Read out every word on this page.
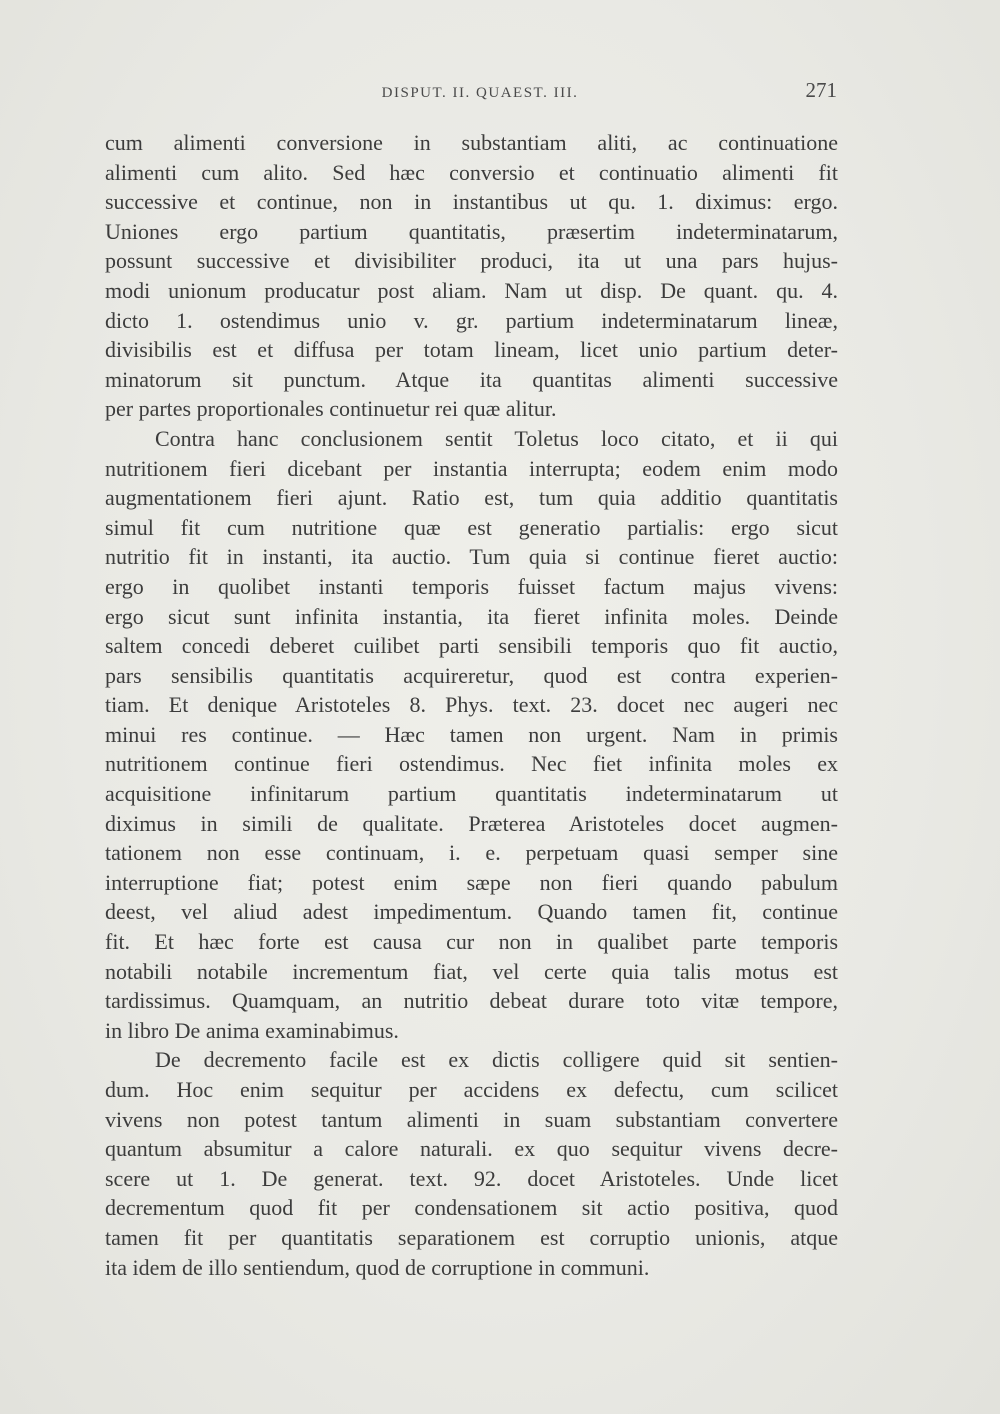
DISPUT. II. QUAEST. III.	271
cum alimenti conversione in substantiam aliti, ac continuatione
alimenti cum alito. Sed hæc conversio et continuatio alimenti fit
successive et continue, non in instantibus ut qu. 1. diximus: ergo.
Uniones ergo partium quantitatis, præsertim indeterminatarum,
possunt successive et divisibiliter produci, ita ut una pars hujus-
modi unionum producatur post aliam. Nam ut disp. De quant. qu. 4.
dicto 1. ostendimus unio v. gr. partium indeterminatarum lineæ,
divisibilis est et diffusa per totam lineam, licet unio partium deter-
minatorum sit punctum. Atque ita quantitas alimenti successive
per partes proportionales continuetur rei quæ alitur.
Contra hanc conclusionem sentit Toletus loco citato, et ii qui
nutritionem fieri dicebant per instantia interrupta; eodem enim modo
augmentationem fieri ajunt. Ratio est, tum quia additio quantitatis
simul fit cum nutritione quæ est generatio partialis: ergo sicut
nutritio fit in instanti, ita auctio. Tum quia si continue fieret auctio:
ergo in quolibet instanti temporis fuisset factum majus vivens:
ergo sicut sunt infinita instantia, ita fieret infinita moles. Deinde
saltem concedi deberet cuilibet parti sensibili temporis quo fit auctio,
pars sensibilis quantitatis acquireretur, quod est contra experien-
tiam. Et denique Aristoteles 8. Phys. text. 23. docet nec augeri nec
minui res continue. — Hæc tamen non urgent. Nam in primis
nutritionem continue fieri ostendimus. Nec fiet infinita moles ex
acquisitione infinitarum partium quantitatis indeterminatarum ut
diximus in simili de qualitate. Præterea Aristoteles docet augmen-
tationem non esse continuam, i. e. perpetuam quasi semper sine
interruptione fiat; potest enim sæpe non fieri quando pabulum
deest, vel aliud adest impedimentum. Quando tamen fit, continue
fit. Et hæc forte est causa cur non in qualibet parte temporis
notabili notabile incrementum fiat, vel certe quia talis motus est
tardissimus. Quamquam, an nutritio debeat durare toto vitæ tempore,
in libro De anima examinabimus.
De decremento facile est ex dictis colligere quid sit sentien-
dum. Hoc enim sequitur per accidens ex defectu, cum scilicet
vivens non potest tantum alimenti in suam substantiam convertere
quantum absumitur a calore naturali. ex quo sequitur vivens decre-
scere ut 1. De generat. text. 92. docet Aristoteles. Unde licet
decrementum quod fit per condensationem sit actio positiva, quod
tamen fit per quantitatis separationem est corruptio unionis, atque
ita idem de illo sentiendum, quod de corruptione in communi.
